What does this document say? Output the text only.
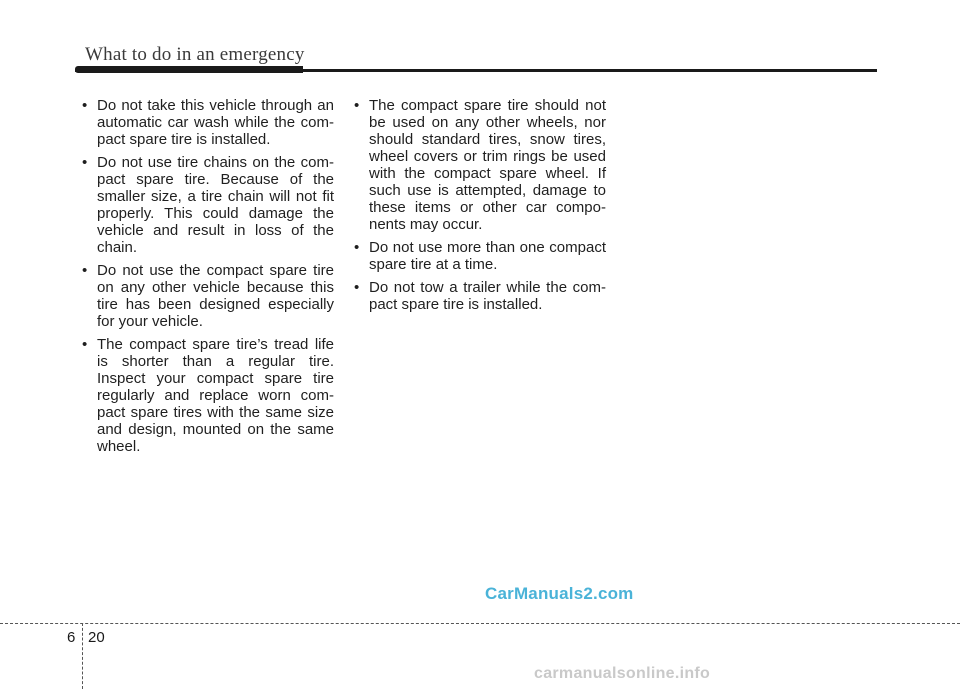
What to do in an emergency
• Do not take this vehicle through an automatic car wash while the com-pact spare tire is installed.
• Do not use tire chains on the com-pact spare tire. Because of the smaller size, a tire chain will not fit properly. This could damage the vehicle and result in loss of the chain.
• Do not use the compact spare tire on any other vehicle because this tire has been designed especially for your vehicle.
• The compact spare tire’s tread life is shorter than a regular tire. Inspect your compact spare tire regularly and replace worn com-pact spare tires with the same size and design, mounted on the same wheel.
• The compact spare tire should not be used on any other wheels, nor should standard tires, snow tires, wheel covers or trim rings be used with the compact spare wheel. If such use is attempted, damage to these items or other car compo-nents may occur.
• Do not use more than one compact spare tire at a time.
• Do not tow a trailer while the com-pact spare tire is installed.
CarManuals2.com
6 20
carmanualsonline.info
